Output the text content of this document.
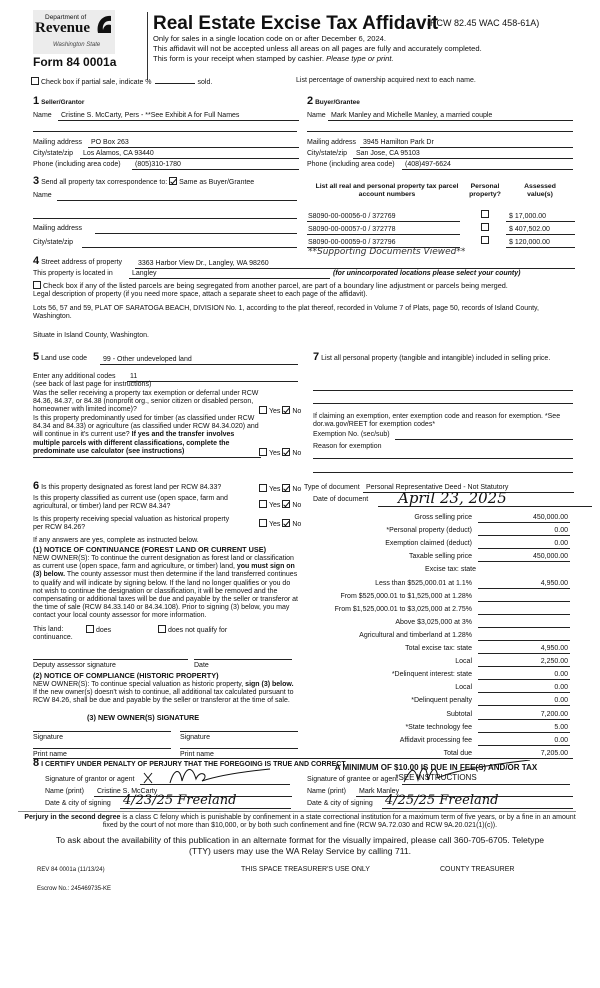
Department of
Revenue
Washington State
Form 84 0001a
Real Estate Excise Tax Affidavit
(RCW 82.45 WAC 458-61A)
Only for sales in a single location code on or after December 6, 2024.
This affidavit will not be accepted unless all areas on all pages are fully and accurately completed.
This form is your receipt when stamped by cashier. Please type or print.
Check box if partial sale, indicate %	sold.	List percentage of ownership acquired next to each name.
1 Seller/Grantor
Name	Cristine S. McCarty, Pers - **See Exhibit A for Full Names
Mailing address	PO Box 263
City/state/zip	Los Alamos, CA 93440
Phone (including area code)	(805)310-1780
2 Buyer/Grantee
Name Mark Manley and Michelle Manley, a married couple
Mailing address 3945 Hamilton Park Dr
City/state/zip	San Jose, CA 95103
Phone (including area code)	(408)497-6624
3 Send all property tax correspondence to: Same as Buyer/Grantee
Name
Mailing address
City/state/zip
List all real and personal property tax parcel account numbers
Personal property?
Assessed value(s)
S8090-00-00056-0 / 372769	$ 17,000.00
S8090-00-00057-0 / 372778	$ 407,502.00
S8090-00-00059-0 / 372796	$ 120,000.00
**Supporting Documents Viewed**
4 Street address of property	3363 Harbor View Dr., Langley, WA 98260
This property is located in	Langley	(for unincorporated locations please select your county)
Check box if any of the listed parcels are being segregated from another parcel, are part of a boundary line adjustment or parcels being merged.
Legal description of property (if you need more space, attach a separate sheet to each page of the affidavit).
Lots 56, 57 and 59, PLAT OF SARATOGA BEACH, DIVISION No. 1, according to the plat thereof, recorded in Volume 7 of Plats, page 50, records of Island County, Washington.
Situate in Island County, Washington.
5 Land use code	99 - Other undeveloped land
Enter any additional codes	11
(see back of last page for instructions)
Was the seller receiving a property tax exemption or deferral under RCW 84.36, 84.37, or 84.38 (nonprofit org., senior citizen or disabled person, homeowner with limited income)?	Yes No
Is this property predominantly used for timber (as classified under RCW 84.34 and 84.33) or agriculture (as classified under RCW 84.34.020) and will continue in it's current use? If yes and the transfer involves multiple parcels with different classifications, complete the predominate use calculator (see instructions)	Yes No
7 List all personal property (tangible and intangible) included in selling price.
If claiming an exemption, enter exemption code and reason for exemption. *See dor.wa.gov/REET for exemption codes*
Exemption No. (sec/sub)
Reason for exemption
6 Is this property designated as forest land per RCW 84.33?	Yes No
Is this property classified as current use (open space, farm and agricultural, or timber) land per RCW 84.34?	Yes No
Is this property receiving special valuation as historical property per RCW 84.26?	Yes No
If any answers are yes, complete as instructed below.
(1) NOTICE OF CONTINUANCE (FOREST LAND OR CURRENT USE)
NEW OWNER(S): To continue the current designation as forest land or classification as current use (open space, farm and agriculture, or timber) land, you must sign on (3) below. The county assessor must then determine if the land transferred continues to qualify and will indicate by signing below. If the land no longer qualifies or you do not wish to continue the designation or classification, it will be removed and the compensating or additional taxes will be due and payable by the seller or transferor at the time of sale (RCW 84.33.140 or 84.34.108). Prior to signing (3) below, you may contact your local county assessor for more information.
This land:	does	does not qualify for
continuance.
Deputy assessor signature	Date
(2) NOTICE OF COMPLIANCE (HISTORIC PROPERTY)
NEW OWNER(S): To continue special valuation as historic property, sign (3) below. If the new owner(s) doesn't wish to continue, all additional tax calculated pursuant to RCW 84.26, shall be due and payable by the seller or transferor at the time of sale.
(3) NEW OWNER(S) SIGNATURE
Signature	Signature
Print name	Print name
Type of document Personal Representative Deed - Not Statutory
Date of document	April 23, 2025
Gross selling price	450,000.00
*Personal property (deduct)	0.00
Exemption claimed (deduct)	0.00
Taxable selling price	450,000.00
Excise tax: state
Less than $525,000.01 at 1.1%	4,950.00
From $525,000.01 to $1,525,000 at 1.28%
From $1,525,000.01 to $3,025,000 at 2.75%
Above $3,025,000 at 3%
Agricultural and timberland at 1.28%
Total excise tax: state	4,950.00
Local	2,250.00
*Delinquent interest: state	0.00
Local	0.00
*Delinquent penalty	0.00
Subtotal	7,200.00
*State technology fee	5.00
Affidavit processing fee	0.00
Total due	7,205.00
A MINIMUM OF $10.00 IS DUE IN FEE(S) AND/OR TAX
*SEE INSTRUCTIONS
8 I CERTIFY UNDER PENALTY OF PERJURY THAT THE FOREGOING IS TRUE AND CORRECT
Signature of grantor or agent
Name (print)	Cristine S. McCarty
Date & city of signing 4/23/25 Freeland
Signature of grantee or agent
Name (print)	Mark Manley
Date & city of signing 4/25/25 Freeland
Perjury in the second degree is a class C felony which is punishable by confinement in a state correctional institution for a maximum term of five years, or by a fine in an amount fixed by the court of not more than $10,000, or by both such confinement and fine (RCW 9A.72.030 and RCW 9A.20.021(1)(c)).
To ask about the availability of this publication in an alternate format for the visually impaired, please call 360-705-6705. Teletype (TTY) users may use the WA Relay Service by calling 711.
REV 84 0001a (11/13/24)	THIS SPACE TREASURER'S USE ONLY	COUNTY TREASURER
Escrow No.: 245469735-KE
